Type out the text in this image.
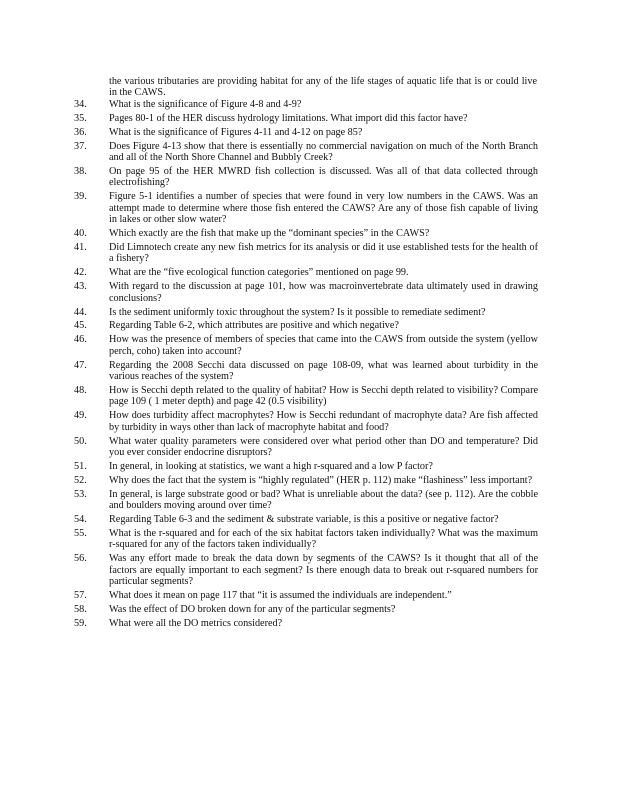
the various tributaries are providing habitat for any of the life stages of aquatic life that is or could live in the CAWS.
34.	What is the significance of Figure 4-8 and 4-9?
35.	Pages 80-1 of the HER discuss hydrology limitations. What import did this factor have?
36.	What is the significance of Figures 4-11 and 4-12 on page 85?
37.	Does Figure 4-13 show that there is essentially no commercial navigation on much of the North Branch and all of the North Shore Channel and Bubbly Creek?
38.	On page 95 of the HER MWRD fish collection is discussed. Was all of that data collected through electrofishing?
39.	Figure 5-1 identifies a number of species that were found in very low numbers in the CAWS. Was an attempt made to determine where those fish entered the CAWS? Are any of those fish capable of living in lakes or other slow water?
40.	Which exactly are the fish that make up the “dominant species” in the CAWS?
41.	Did Limnotech create any new fish metrics for its analysis or did it use established tests for the health of a fishery?
42.	What are the “five ecological function categories” mentioned on page 99.
43.	With regard to the discussion at page 101, how was macroinvertebrate data ultimately used in drawing conclusions?
44.	Is the sediment uniformly toxic throughout the system? Is it possible to remediate sediment?
45.	Regarding Table 6-2, which attributes are positive and which negative?
46.	How was the presence of members of species that came into the CAWS from outside the system (yellow perch, coho) taken into account?
47.	Regarding the 2008 Secchi data discussed on page 108-09, what was learned about turbidity in the various reaches of the system?
48.	How is Secchi depth related to the quality of habitat? How is Secchi depth related to visibility? Compare page 109 ( 1 meter depth) and page 42 (0.5 visibility)
49.	How does turbidity affect macrophytes? How is Secchi redundant of macrophyte data? Are fish affected by turbidity in ways other than lack of macrophyte habitat and food?
50.	What water quality parameters were considered over what period other than DO and temperature? Did you ever consider endocrine disruptors?
51.	In general, in looking at statistics, we want a high r-squared and a low P factor?
52.	Why does the fact that the system is “highly regulated” (HER p. 112) make “flashiness” less important?
53.	In general, is large substrate good or bad? What is unreliable about the data? (see p. 112). Are the cobble and boulders moving around over time?
54.	Regarding Table 6-3 and the sediment & substrate variable, is this a positive or negative factor?
55.	What is the r-squared and for each of the six habitat factors taken individually? What was the maximum r-squared for any of the factors taken individually?
56.	Was any effort made to break the data down by segments of the CAWS? Is it thought that all of the factors are equally important to each segment? Is there enough data to break out r-squared numbers for particular segments?
57.	What does it mean on page 117 that “it is assumed the individuals are independent.”
58.	Was the effect of DO broken down for any of the particular segments?
59.	What were all the DO metrics considered?
